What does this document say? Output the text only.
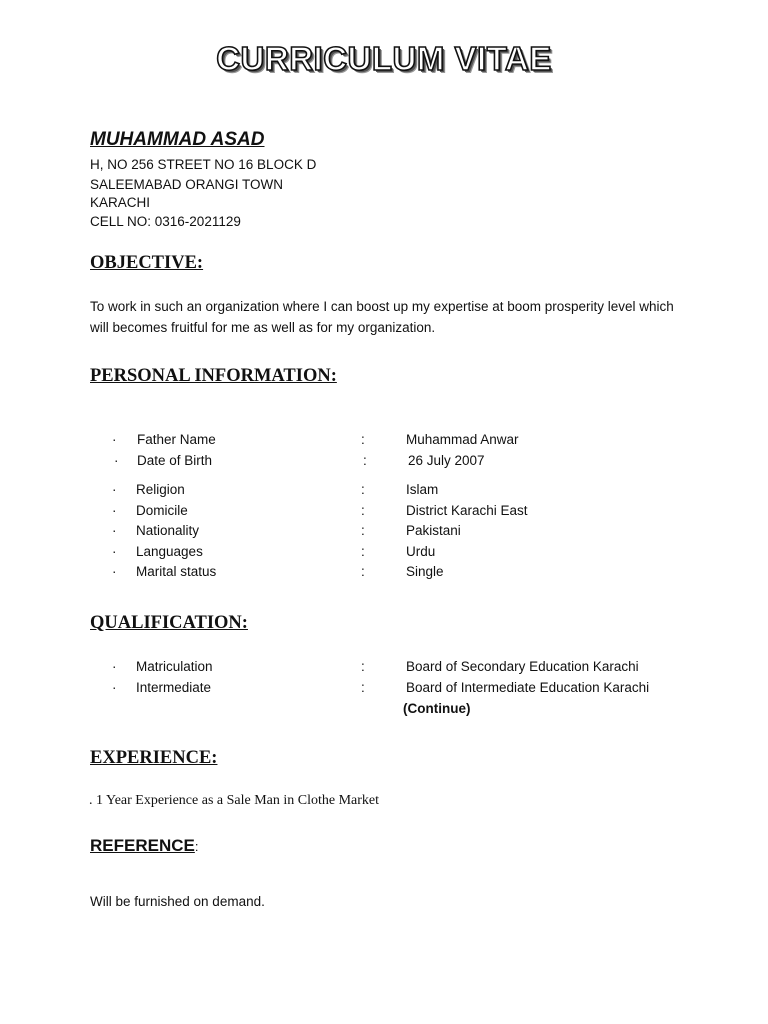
CURRICULUM VITAE
MUHAMMAD ASAD
H, NO 256 STREET NO 16 BLOCK D
SALEEMABAD ORANGI TOWN
KARACHI
CELL NO: 0316-2021129
OBJECTIVE:
To work in such an organization where I can boost up my expertise at boom prosperity level which will becomes fruitful for me as well as for my organization.
PERSONAL INFORMATION:
· Father Name	:	Muhammad Anwar
· Date of Birth	:	26 July 2007
· Religion	:	Islam
· Domicile	:	District Karachi East
· Nationality	:	Pakistani
· Languages	:	Urdu
· Marital status	:	Single
QUALIFICATION:
· Matriculation	:	Board of Secondary Education Karachi
· Intermediate	:	Board of Intermediate Education Karachi
(Continue)
EXPERIENCE:
. 1 Year Experience as a Sale Man in Clothe Market
REFERENCE:
Will be furnished on demand.
